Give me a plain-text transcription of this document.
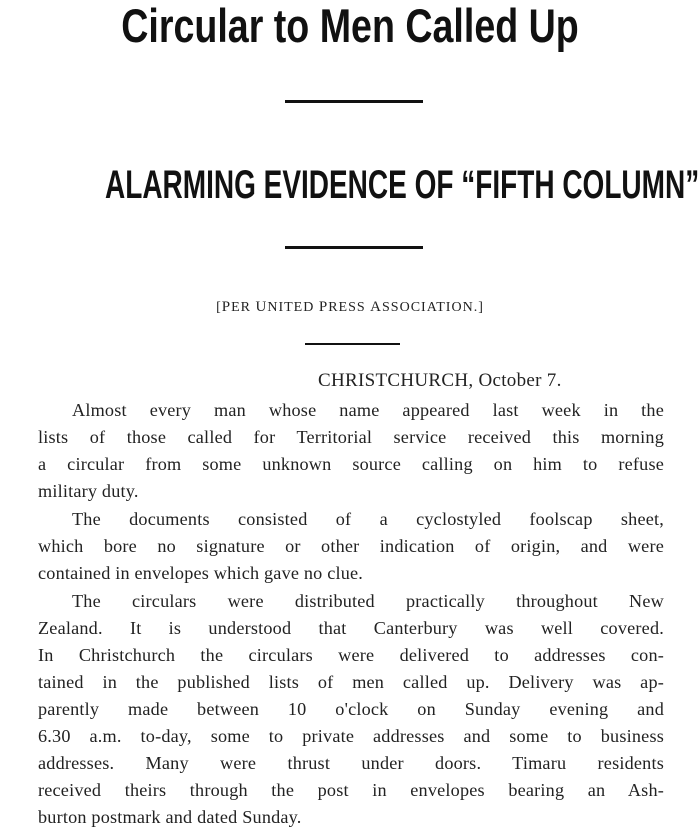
Circular to Men Called Up
ALARMING EVIDENCE OF “FIFTH COLUMN”
[PER UNITED PRESS ASSOCIATION.]
CHRISTCHURCH, October 7.
Almost every man whose name appeared last week in the
lists of those called for Territorial service received this morning
a circular from some unknown source calling on him to refuse
military duty.
The documents consisted of a cyclostyled foolscap sheet,
which bore no signature or other indication of origin, and were
contained in envelopes which gave no clue.
The circulars were distributed practically throughout New
Zealand. It is understood that Canterbury was well covered.
In Christchurch the circulars were delivered to addresses con-
tained in the published lists of men called up. Delivery was ap-
parently made between 10 o'clock on Sunday evening and
6.30 a.m. to-day, some to private addresses and some to business
addresses. Many were thrust under doors. Timaru residents
received theirs through the post in envelopes bearing an Ash-
burton postmark and dated Sunday.
